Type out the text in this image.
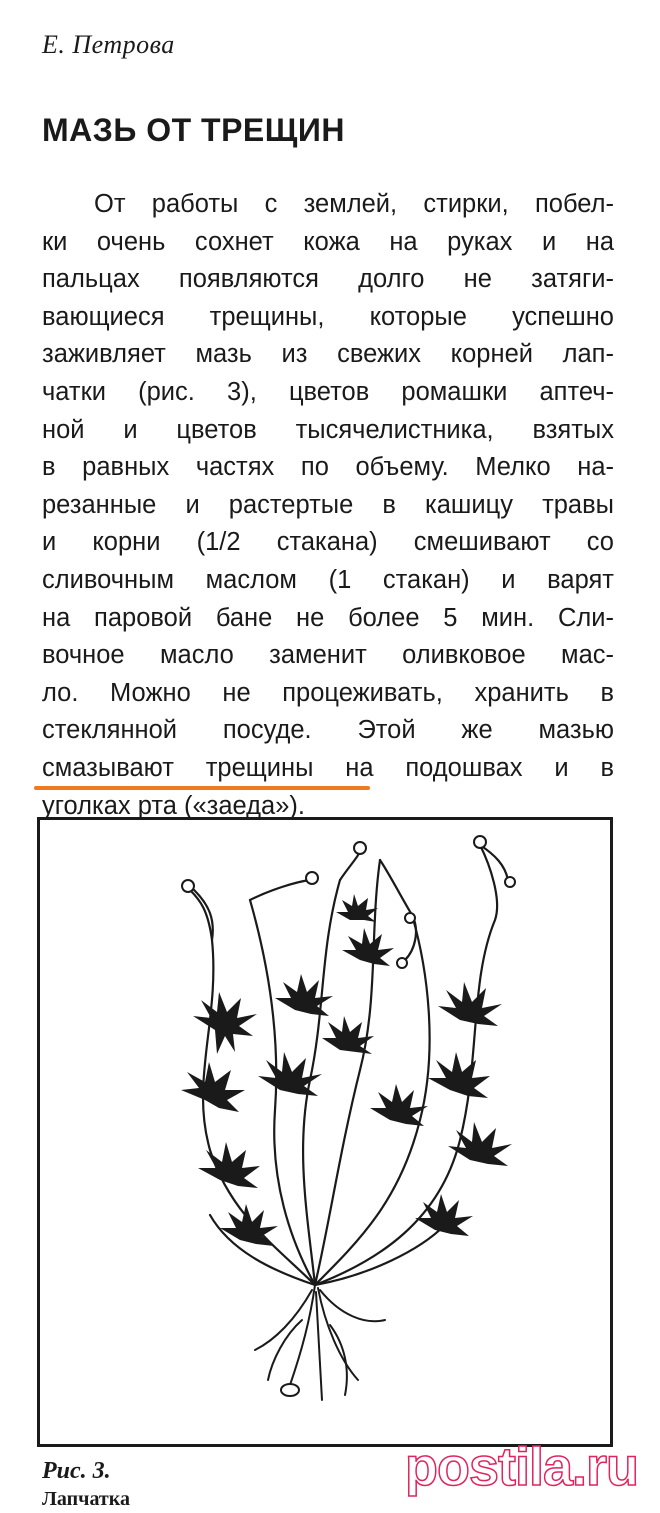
Е. Петрова
МАЗЬ ОТ ТРЕЩИН
От работы с землей, стирки, побел-
ки очень сохнет кожа на руках и на
пальцах появляются долго не затяги-
вающиеся трещины, которые успешно
заживляет мазь из свежих корней лап-
чатки (рис. 3), цветов ромашки аптеч-
ной и цветов тысячелистника, взятых
в равных частях по объему. Мелко на-
резанные и растертые в кашицу травы
и корни (1/2 стакана) смешивают со
сливочным маслом (1 стакан) и варят
на паровой бане не более 5 мин. Сли-
вочное масло заменит оливковое мас-
ло. Можно не процеживать, хранить в
стеклянной посуде. Этой же мазью
смазывают трещины на подошвах и в
уголках рта («заеда»).
Рис. 3.
Лапчатка
postila.ru
